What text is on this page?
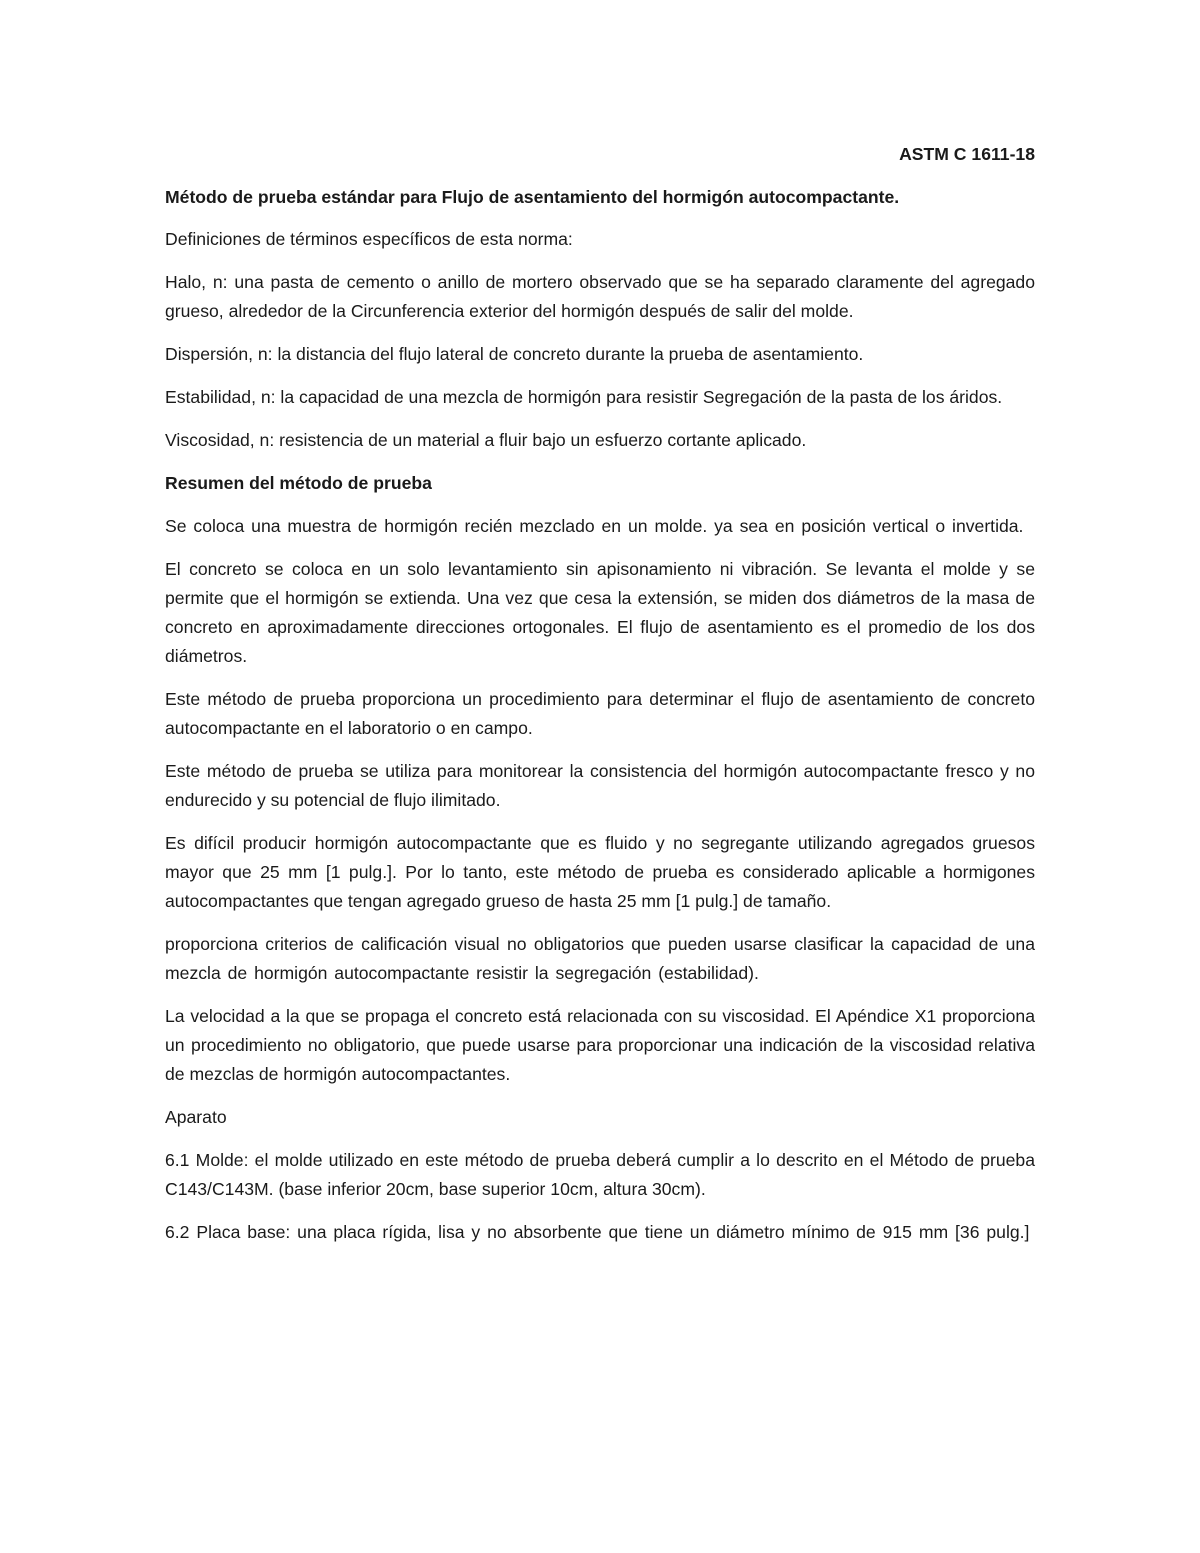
ASTM C 1611-18

Método de prueba estándar para Flujo de asentamiento del hormigón autocompactante.

Definiciones de términos específicos de esta norma:

Halo, n: una pasta de cemento o anillo de mortero observado que se ha separado claramente del agregado grueso, alrededor de la Circunferencia exterior del hormigón después de salir del molde.

Dispersión, n: la distancia del flujo lateral de concreto durante la prueba de asentamiento.

Estabilidad, n: la capacidad de una mezcla de hormigón para resistir Segregación de la pasta de los áridos.

Viscosidad, n: resistencia de un material a fluir bajo un esfuerzo cortante aplicado.

Resumen del método de prueba

Se coloca una muestra de hormigón recién mezclado en un molde. ya sea en posición vertical o invertida.

El concreto se coloca en un solo levantamiento sin apisonamiento ni vibración. Se levanta el molde y se permite que el hormigón se extienda. Una vez que cesa la extensión, se miden dos diámetros de la masa de concreto en aproximadamente direcciones ortogonales. El flujo de asentamiento es el promedio de los dos diámetros.

Este método de prueba proporciona un procedimiento para determinar el flujo de asentamiento de concreto autocompactante en el laboratorio o en campo.

Este método de prueba se utiliza para monitorear la consistencia del hormigón autocompactante fresco y no endurecido y su potencial de flujo ilimitado.

Es difícil producir hormigón autocompactante que es fluido y no segregante utilizando agregados gruesos mayor que 25 mm [1 pulg.]. Por lo tanto, este método de prueba es considerado aplicable a hormigones autocompactantes que tengan agregado grueso de hasta 25 mm [1 pulg.] de tamaño.

proporciona criterios de calificación visual no obligatorios que pueden usarse clasificar la capacidad de una mezcla de hormigón autocompactante resistir la segregación (estabilidad).

La velocidad a la que se propaga el concreto está relacionada con su viscosidad. El Apéndice X1 proporciona un procedimiento no obligatorio, que puede usarse para proporcionar una indicación de la viscosidad relativa de mezclas de hormigón autocompactantes.

Aparato

6.1 Molde: el molde utilizado en este método de prueba deberá cumplir a lo descrito en el Método de prueba C143/C143M. (base inferior 20cm, base superior 10cm, altura 30cm).

6.2 Placa base: una placa rígida, lisa y no absorbente que tiene un diámetro mínimo de 915 mm [36 pulg.]
